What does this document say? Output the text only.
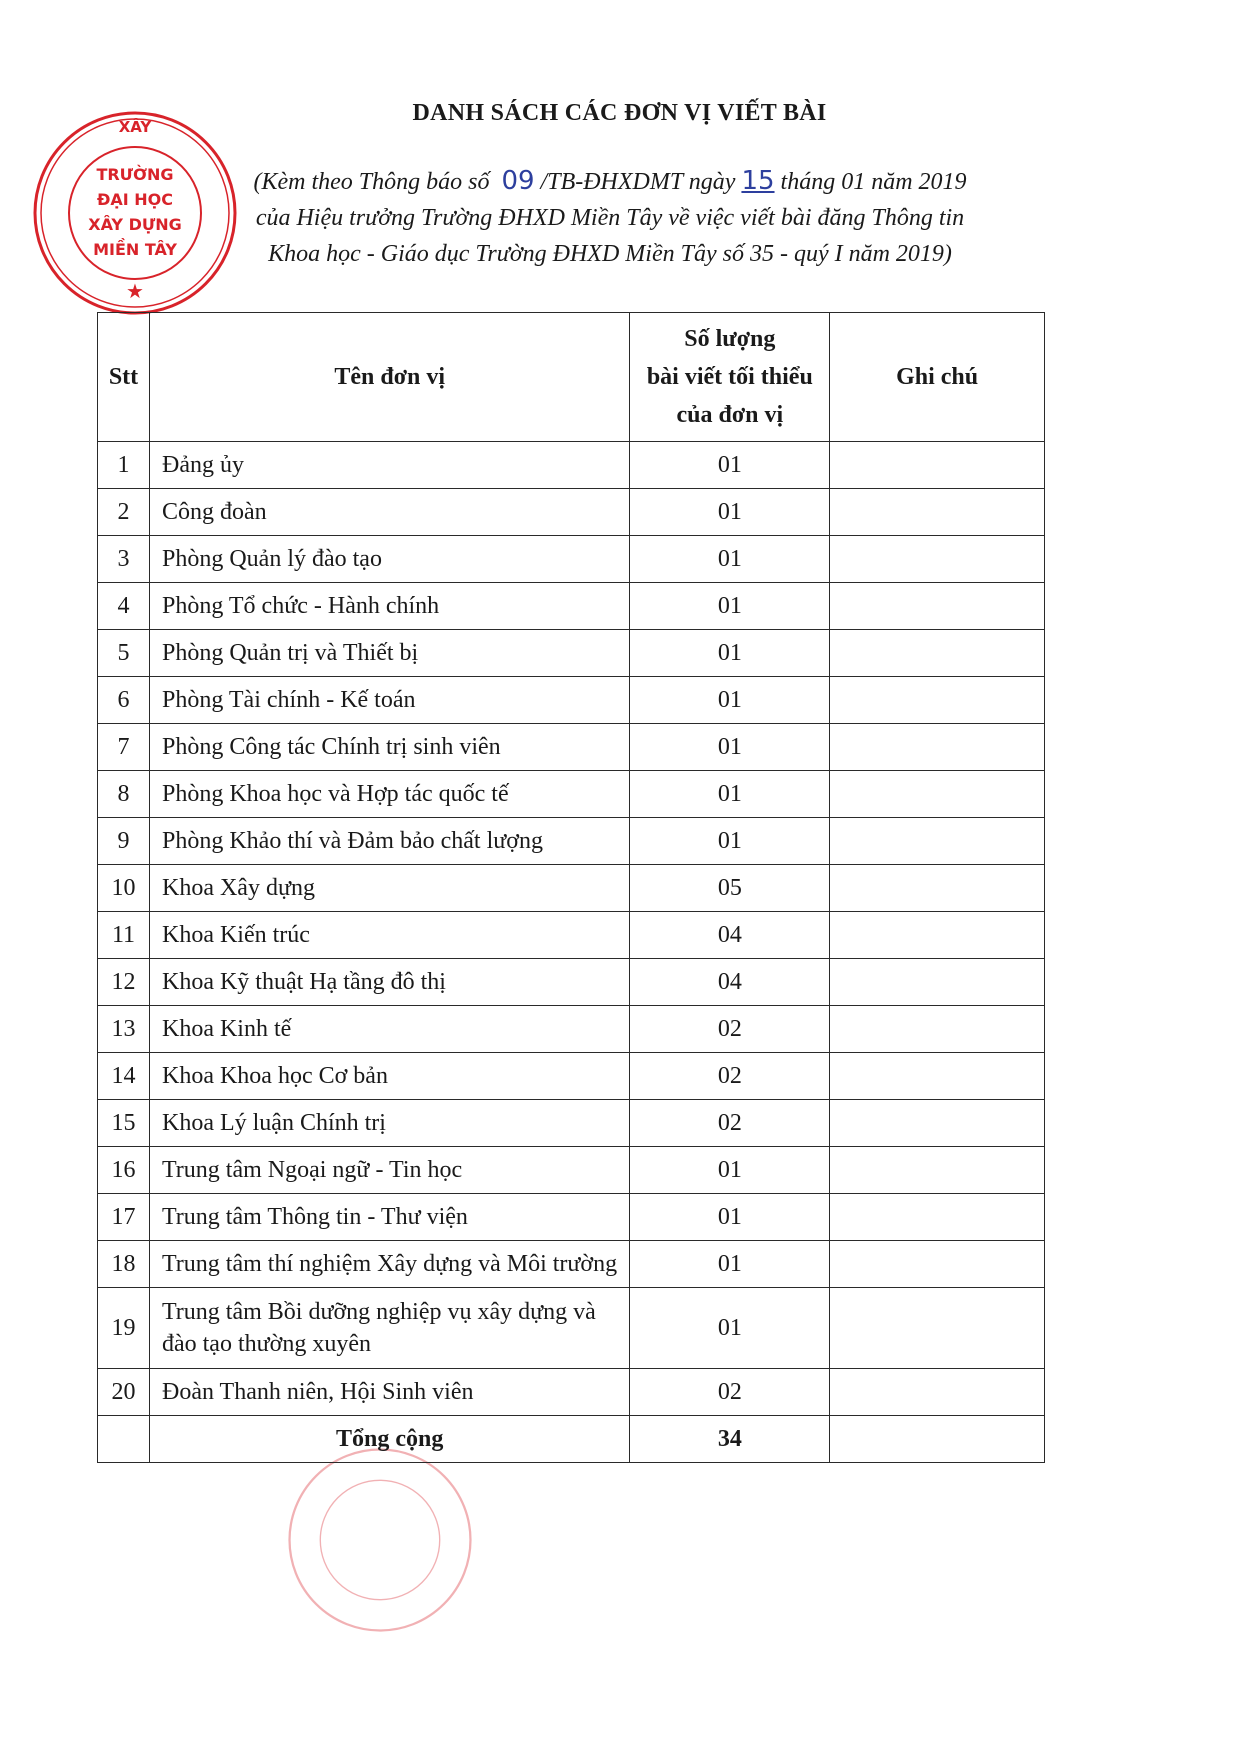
DANH SÁCH CÁC ĐƠN VỊ VIẾT BÀI
(Kèm theo Thông báo số 09 /TB-ĐHXDMT ngày 15 tháng 01 năm 2019
của Hiệu trưởng Trường ĐHXD Miền Tây về việc viết bài đăng Thông tin
Khoa học - Giáo dục Trường ĐHXD Miền Tây số 35 - quý I năm 2019)
XÂY
TRƯỜNG
ĐẠI HỌC
XÂY DỰNG
MIỀN TÂY
★
Stt	Tên đơn vị	Số lượng
bài viết tối thiểu
của đơn vị	Ghi chú
1	Đảng ủy	01	
2	Công đoàn	01	
3	Phòng Quản lý đào tạo	01	
4	Phòng Tổ chức - Hành chính	01	
5	Phòng Quản trị và Thiết bị	01	
6	Phòng Tài chính - Kế toán	01	
7	Phòng Công tác Chính trị sinh viên	01	
8	Phòng Khoa học và Hợp tác quốc tế	01	
9	Phòng Khảo thí và Đảm bảo chất lượng	01	
10	Khoa Xây dựng	05	
11	Khoa Kiến trúc	04	
12	Khoa Kỹ thuật Hạ tầng đô thị	04	
13	Khoa Kinh tế	02	
14	Khoa Khoa học Cơ bản	02	
15	Khoa Lý luận Chính trị	02	
16	Trung tâm Ngoại ngữ - Tin học	01	
17	Trung tâm Thông tin - Thư viện	01	
18	Trung tâm thí nghiệm Xây dựng và Môi trường	01	
19	Trung tâm Bồi dưỡng nghiệp vụ xây dựng và đào tạo thường xuyên	01	
20	Đoàn Thanh niên, Hội Sinh viên	02	
	Tổng cộng	34	
